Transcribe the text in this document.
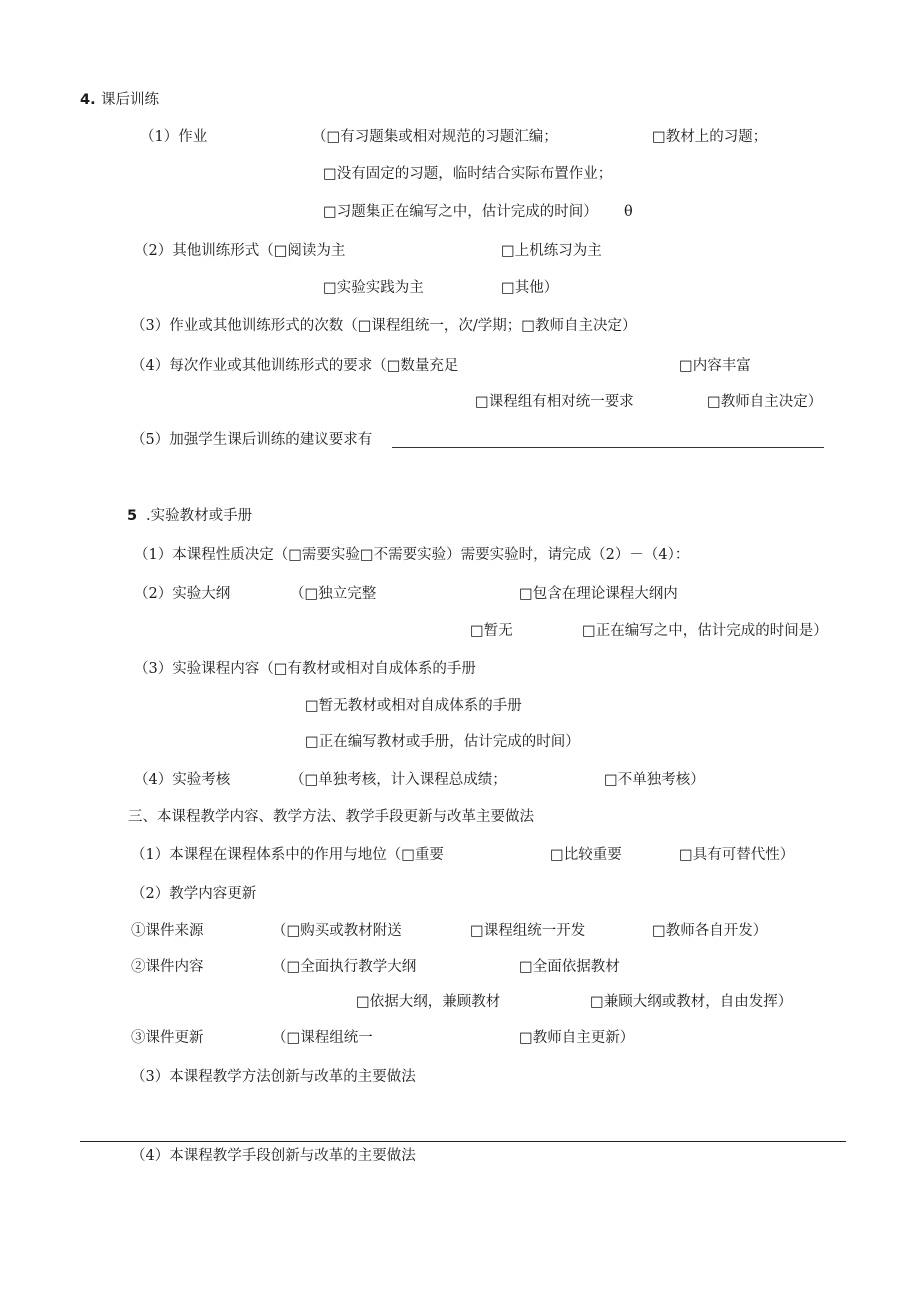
4. 课后训练
（1）作业	（□有习题集或相对规范的习题汇编；	□教材上的习题；
□没有固定的习题，临时结合实际布置作业；
□习题集正在编写之中，估计完成的时间） θ
（2）其他训练形式（□阅读为主	□上机练习为主
□实验实践为主	□其他）
（3）作业或其他训练形式的次数（□课程组统一，次/学期；□教师自主决定）
（4）每次作业或其他训练形式的要求（□数量充足	□内容丰富
□课程组有相对统一要求	□教师自主决定）
（5）加强学生课后训练的建议要求有
5 .实验教材或手册
（1）本课程性质决定（□需要实验□不需要实验）需要实验时，请完成（2）－（4）：
（2）实验大纲	（□独立完整	□包含在理论课程大纲内
□暂无	□正在编写之中，估计完成的时间是）
（3）实验课程内容（□有教材或相对自成体系的手册
□暂无教材或相对自成体系的手册
□正在编写教材或手册，估计完成的时间）
（4）实验考核	（□单独考核，计入课程总成绩；	□不单独考核）
三、本课程教学内容、教学方法、教学手段更新与改革主要做法
（1）本课程在课程体系中的作用与地位（□重要	□比较重要	□具有可替代性）
（2）教学内容更新
①课件来源	（□购买或教材附送	□课程组统一开发	□教师各自开发）
②课件内容	（□全面执行教学大纲	□全面依据教材
□依据大纲，兼顾教材	□兼顾大纲或教材，自由发挥）
③课件更新	（□课程组统一	□教师自主更新）
（3）本课程教学方法创新与改革的主要做法
（4）本课程教学手段创新与改革的主要做法
